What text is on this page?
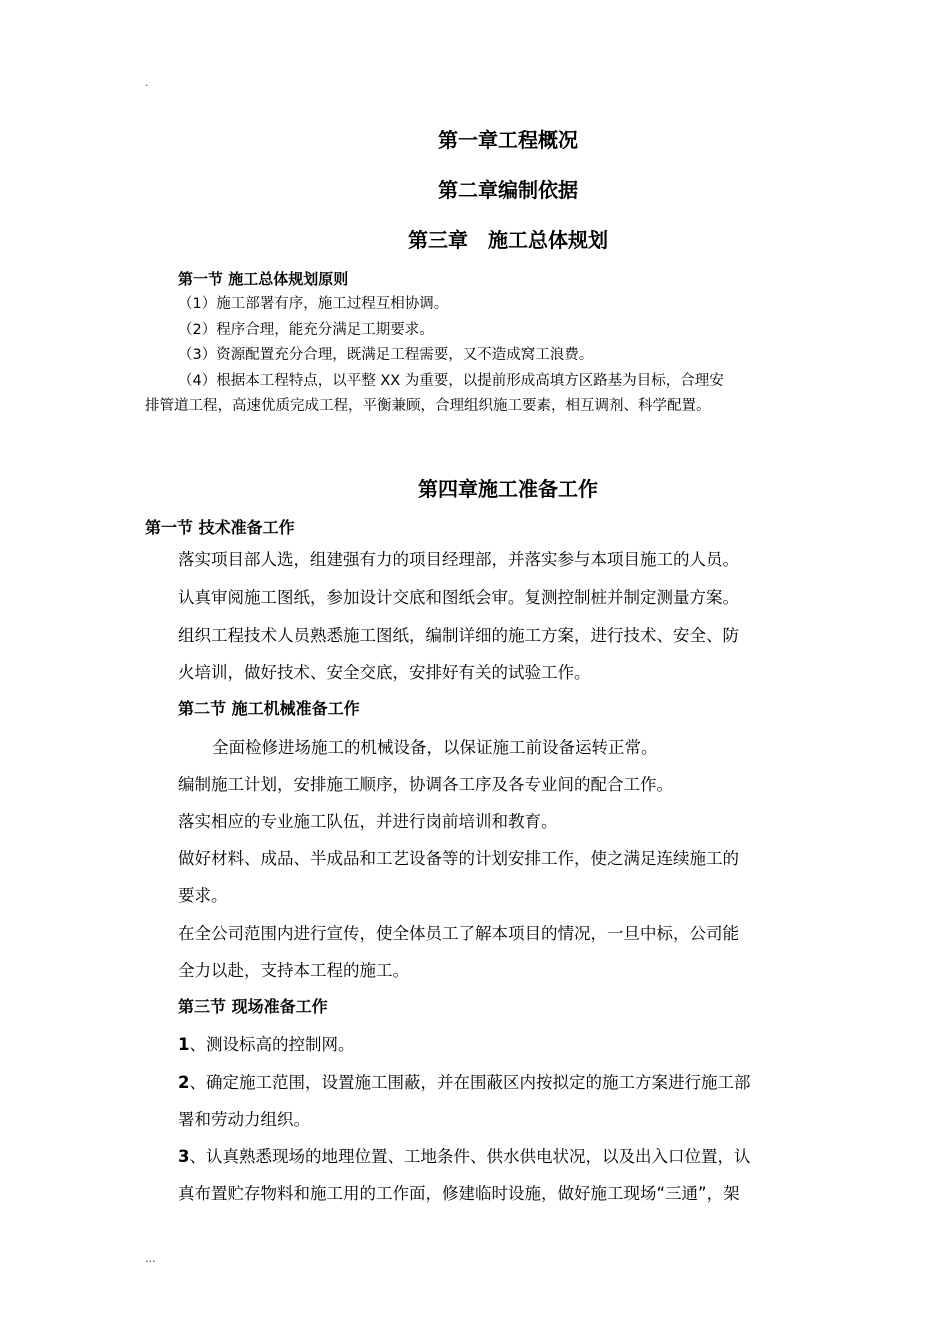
.
第一章工程概况
第二章编制依据
第三章　施工总体规划
第一节 施工总体规划原则

（1）施工部署有序，施工过程互相协调。

（2）程序合理，能充分满足工期要求。

（3）资源配置充分合理，既满足工程需要，又不造成窝工浪费。

（4）根据本工程特点，以平整 XX 为重要，以提前形成高填方区路基为目标，合理安

排管道工程，高速优质完成工程，平衡兼顾，合理组织施工要素，相互调剂、科学配置。

第四章施工准备工作
第一节 技术准备工作

落实项目部人选，组建强有力的项目经理部，并落实参与本项目施工的人员。

认真审阅施工图纸，参加设计交底和图纸会审。复测控制桩并制定测量方案。

组织工程技术人员熟悉施工图纸，编制详细的施工方案，进行技术、安全、防

火培训，做好技术、安全交底，安排好有关的试验工作。

第二节 施工机械准备工作

全面检修进场施工的机械设备，以保证施工前设备运转正常。

编制施工计划，安排施工顺序，协调各工序及各专业间的配合工作。

落实相应的专业施工队伍，并进行岗前培训和教育。

做好材料、成品、半成品和工艺设备等的计划安排工作，使之满足连续施工的

要求。

在全公司范围内进行宣传，使全体员工了解本项目的情况，一旦中标，公司能

全力以赴，支持本工程的施工。

第三节 现场准备工作

1、测设标高的控制网。

2、确定施工范围，设置施工围蔽，并在围蔽区内按拟定的施工方案进行施工部

署和劳动力组织。

3、认真熟悉现场的地理位置、工地条件、供水供电状况，以及出入口位置，认

真布置贮存物料和施工用的工作面，修建临时设施，做好施工现场“三通”，架

...
